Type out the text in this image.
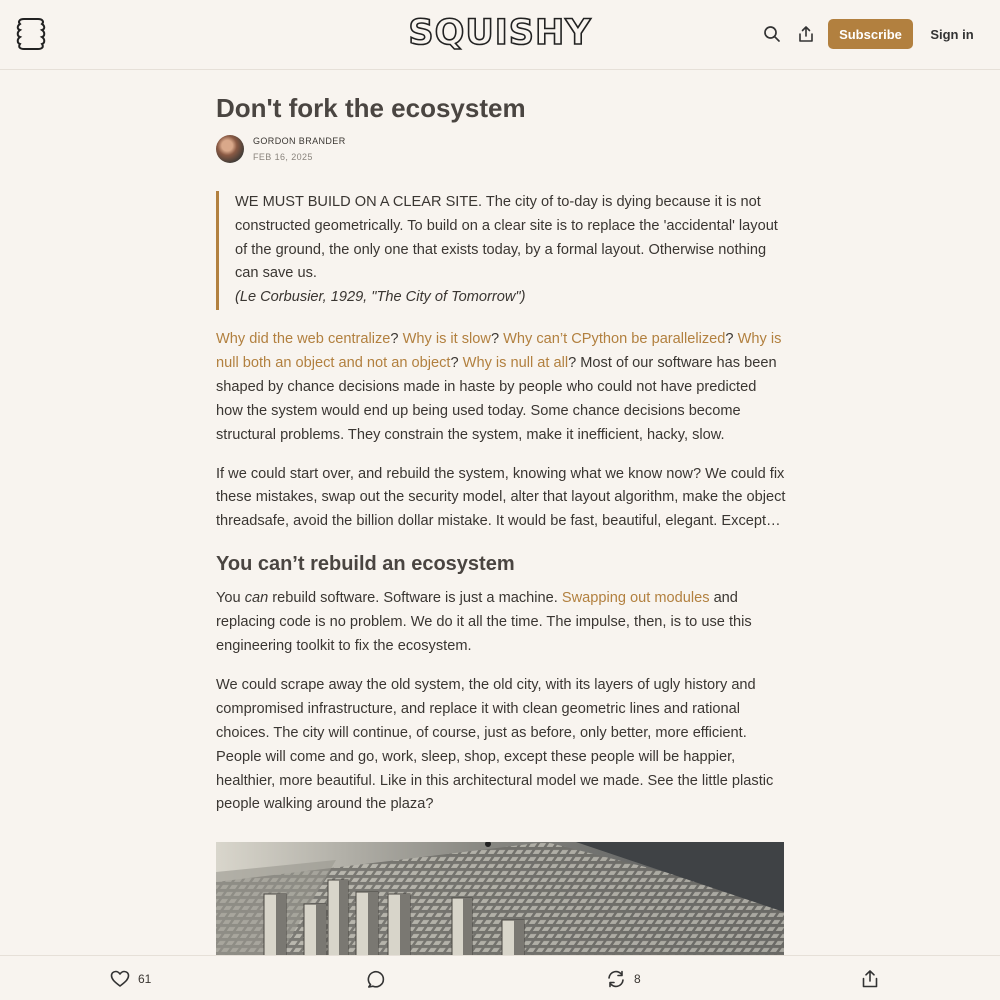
SQUISHY	Subscribe	Sign in
Don't fork the ecosystem
GORDON BRANDER
FEB 16, 2025
WE MUST BUILD ON A CLEAR SITE. The city of to-day is dying because it is not constructed geometrically. To build on a clear site is to replace the 'accidental' layout of the ground, the only one that exists today, by a formal layout. Otherwise nothing can save us.
(Le Corbusier, 1929, "The City of Tomorrow")

Why did the web centralize? Why is it slow? Why can’t CPython be parallelized? Why is null both an object and not an object? Why is null at all? Most of our software has been shaped by chance decisions made in haste by people who could not have predicted how the system would end up being used today. Some chance decisions become structural problems. They constrain the system, make it inefficient, hacky, slow.

If we could start over, and rebuild the system, knowing what we know now? We could fix these mistakes, swap out the security model, alter that layout algorithm, make the object threadsafe, avoid the billion dollar mistake. It would be fast, beautiful, elegant. Except…

You can’t rebuild an ecosystem

You can rebuild software. Software is just a machine. Swapping out modules and replacing code is no problem. We do it all the time. The impulse, then, is to use this engineering toolkit to fix the ecosystem.

We could scrape away the old system, the old city, with its layers of ugly history and compromised infrastructure, and replace it with clean geometric lines and rational choices. The city will continue, of course, just as before, only better, more efficient. People will come and go, work, sleep, shop, except these people will be happier, healthier, more beautiful. Like in this architectural model we made. See the little plastic people walking around the plaza?

61	8
